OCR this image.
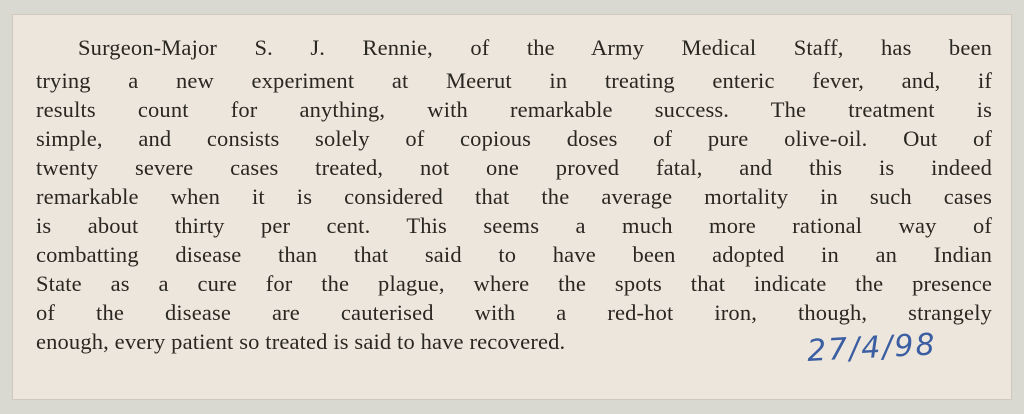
Surgeon-Major S. J. Rennie, of the Army Medical Staff, has been
trying a new experiment at Meerut in treating enteric fever, and, if
results count for anything, with remarkable success. The treatment is
simple, and consists solely of copious doses of pure olive-oil. Out of
twenty severe cases treated, not one proved fatal, and this is indeed
remarkable when it is considered that the average mortality in such cases
is about thirty per cent. This seems a much more rational way of
combatting disease than that said to have been adopted in an Indian
State as a cure for the plague, where the spots that indicate the presence
of the disease are cauterised with a red-hot iron, though, strangely
enough, every patient so treated is said to have recovered.	27/4/98
